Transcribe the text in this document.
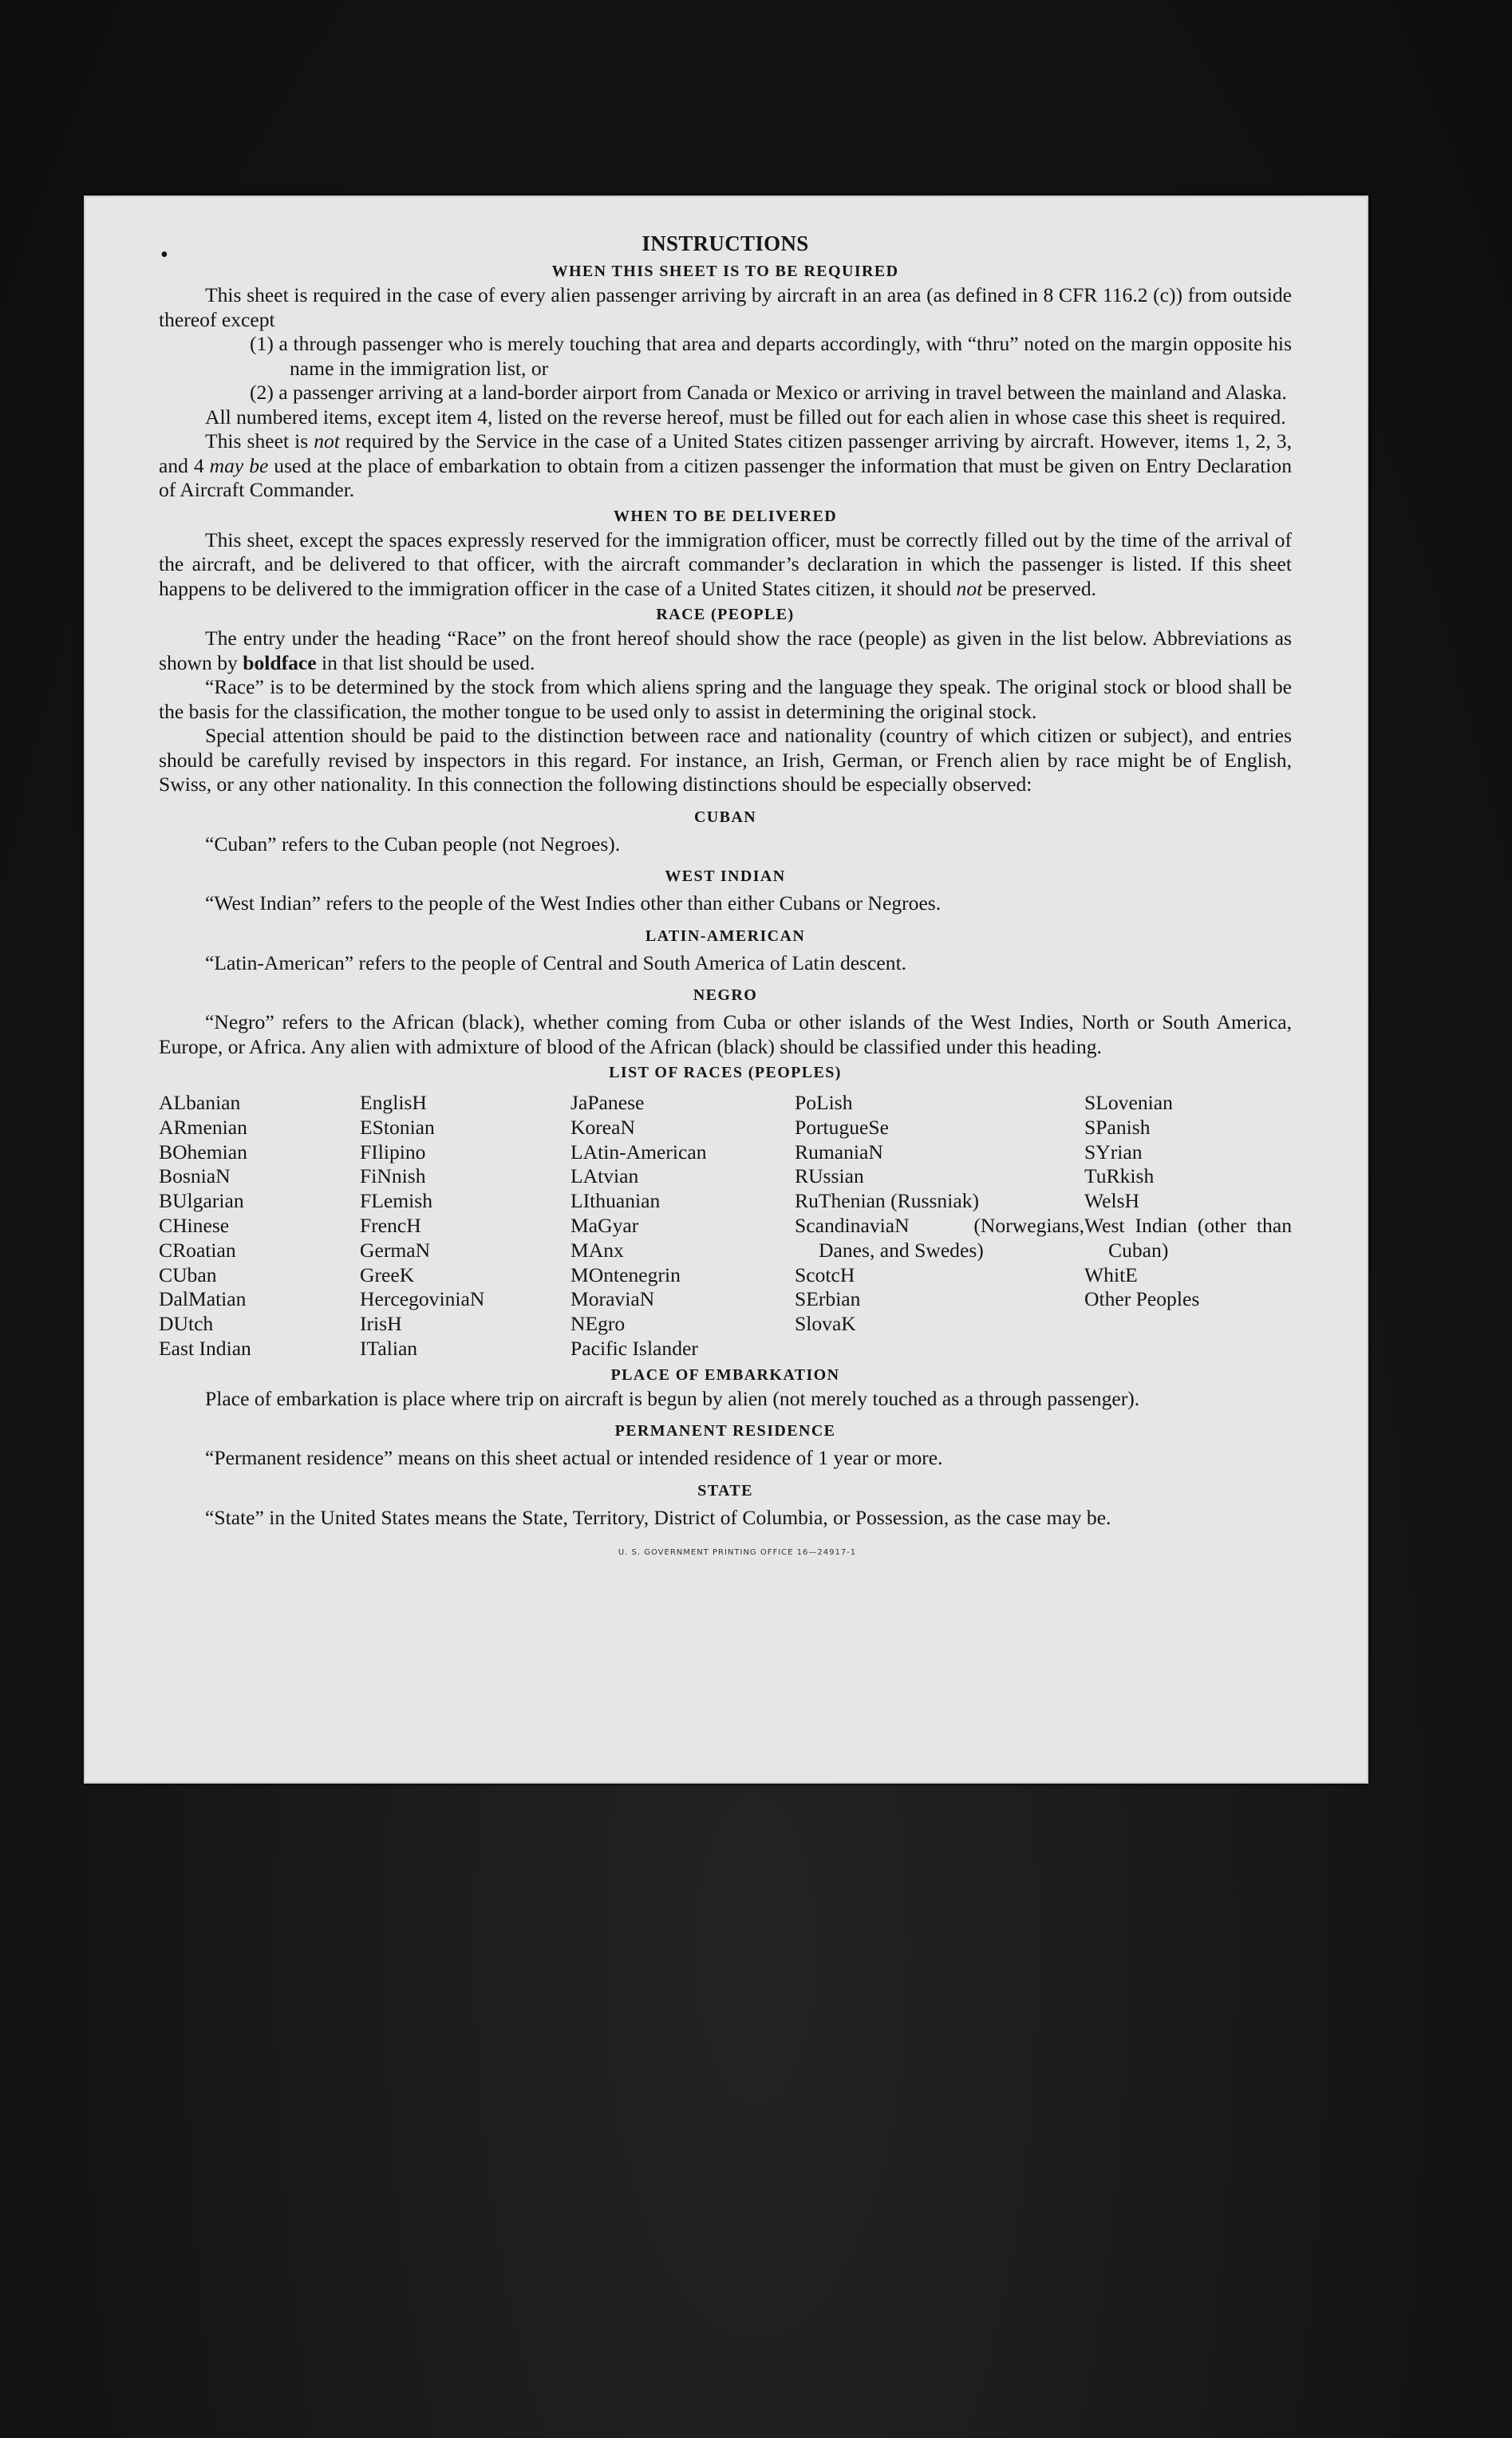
•	INSTRUCTIONS
WHEN THIS SHEET IS TO BE REQUIRED

This sheet is required in the case of every alien passenger arriving by aircraft in an area (as defined in 8 CFR 116.2 (c)) from outside thereof except

(1) a through passenger who is merely touching that area and departs accordingly, with “thru” noted on the margin opposite his name in the immigration list, or

(2) a passenger arriving at a land-border airport from Canada or Mexico or arriving in travel between the mainland and Alaska.

All numbered items, except item 4, listed on the reverse hereof, must be filled out for each alien in whose case this sheet is required.

This sheet is not required by the Service in the case of a United States citizen passenger arriving by aircraft. However, items 1, 2, 3, and 4 may be used at the place of embarkation to obtain from a citizen passenger the information that must be given on Entry Declaration of Aircraft Commander.

WHEN TO BE DELIVERED

This sheet, except the spaces expressly reserved for the immigration officer, must be correctly filled out by the time of the arrival of the aircraft, and be delivered to that officer, with the aircraft commander’s declaration in which the passenger is listed. If this sheet happens to be delivered to the immigration officer in the case of a United States citizen, it should not be preserved.

RACE (PEOPLE)

The entry under the heading “Race” on the front hereof should show the race (people) as given in the list below. Abbreviations as shown by boldface in that list should be used.

“Race” is to be determined by the stock from which aliens spring and the language they speak. The original stock or blood shall be the basis for the classification, the mother tongue to be used only to assist in determining the original stock.

Special attention should be paid to the distinction between race and nationality (country of which citizen or subject), and entries should be carefully revised by inspectors in this regard. For instance, an Irish, German, or French alien by race might be of English, Swiss, or any other nationality. In this connection the following distinctions should be especially observed:

CUBAN

“Cuban” refers to the Cuban people (not Negroes).

WEST INDIAN

“West Indian” refers to the people of the West Indies other than either Cubans or Negroes.

LATIN-AMERICAN

“Latin-American” refers to the people of Central and South America of Latin descent.

NEGRO

“Negro” refers to the African (black), whether coming from Cuba or other islands of the West Indies, North or South America, Europe, or Africa. Any alien with admixture of blood of the African (black) should be classified under this heading.

LIST OF RACES (PEOPLES)
ALbanian
ARmenian
BOhemian
BosniaN
BUlgarian
CHinese
CRoatian
CUban
DalMatian
DUtch
East Indian
EnglisH
EStonian
FIlipino
FiNnish
FLemish
FrencH
GermaN
GreeK
HercegoviniaN
IrisH
ITalian
JaPanese
KoreaN
LAtin-American
LAtvian
LIthuanian
MaGyar
MAnx
MOntenegrin
MoraviaN
NEgro
Pacific Islander
PoLish
PortugueSe
RumaniaN
RUssian
RuThenian (Russniak)
ScandinaviaN (Norwegians, Danes, and Swedes)
ScotcH
SErbian
SlovaK
SLovenian
SPanish
SYrian
TuRkish
WelsH
West Indian (other than Cuban)
WhitE
Other Peoples
PLACE OF EMBARKATION

Place of embarkation is place where trip on aircraft is begun by alien (not merely touched as a through passenger).

PERMANENT RESIDENCE

“Permanent residence” means on this sheet actual or intended residence of 1 year or more.

STATE

“State” in the United States means the State, Territory, District of Columbia, or Possession, as the case may be.

U. S. GOVERNMENT PRINTING OFFICE 16—24917-1
